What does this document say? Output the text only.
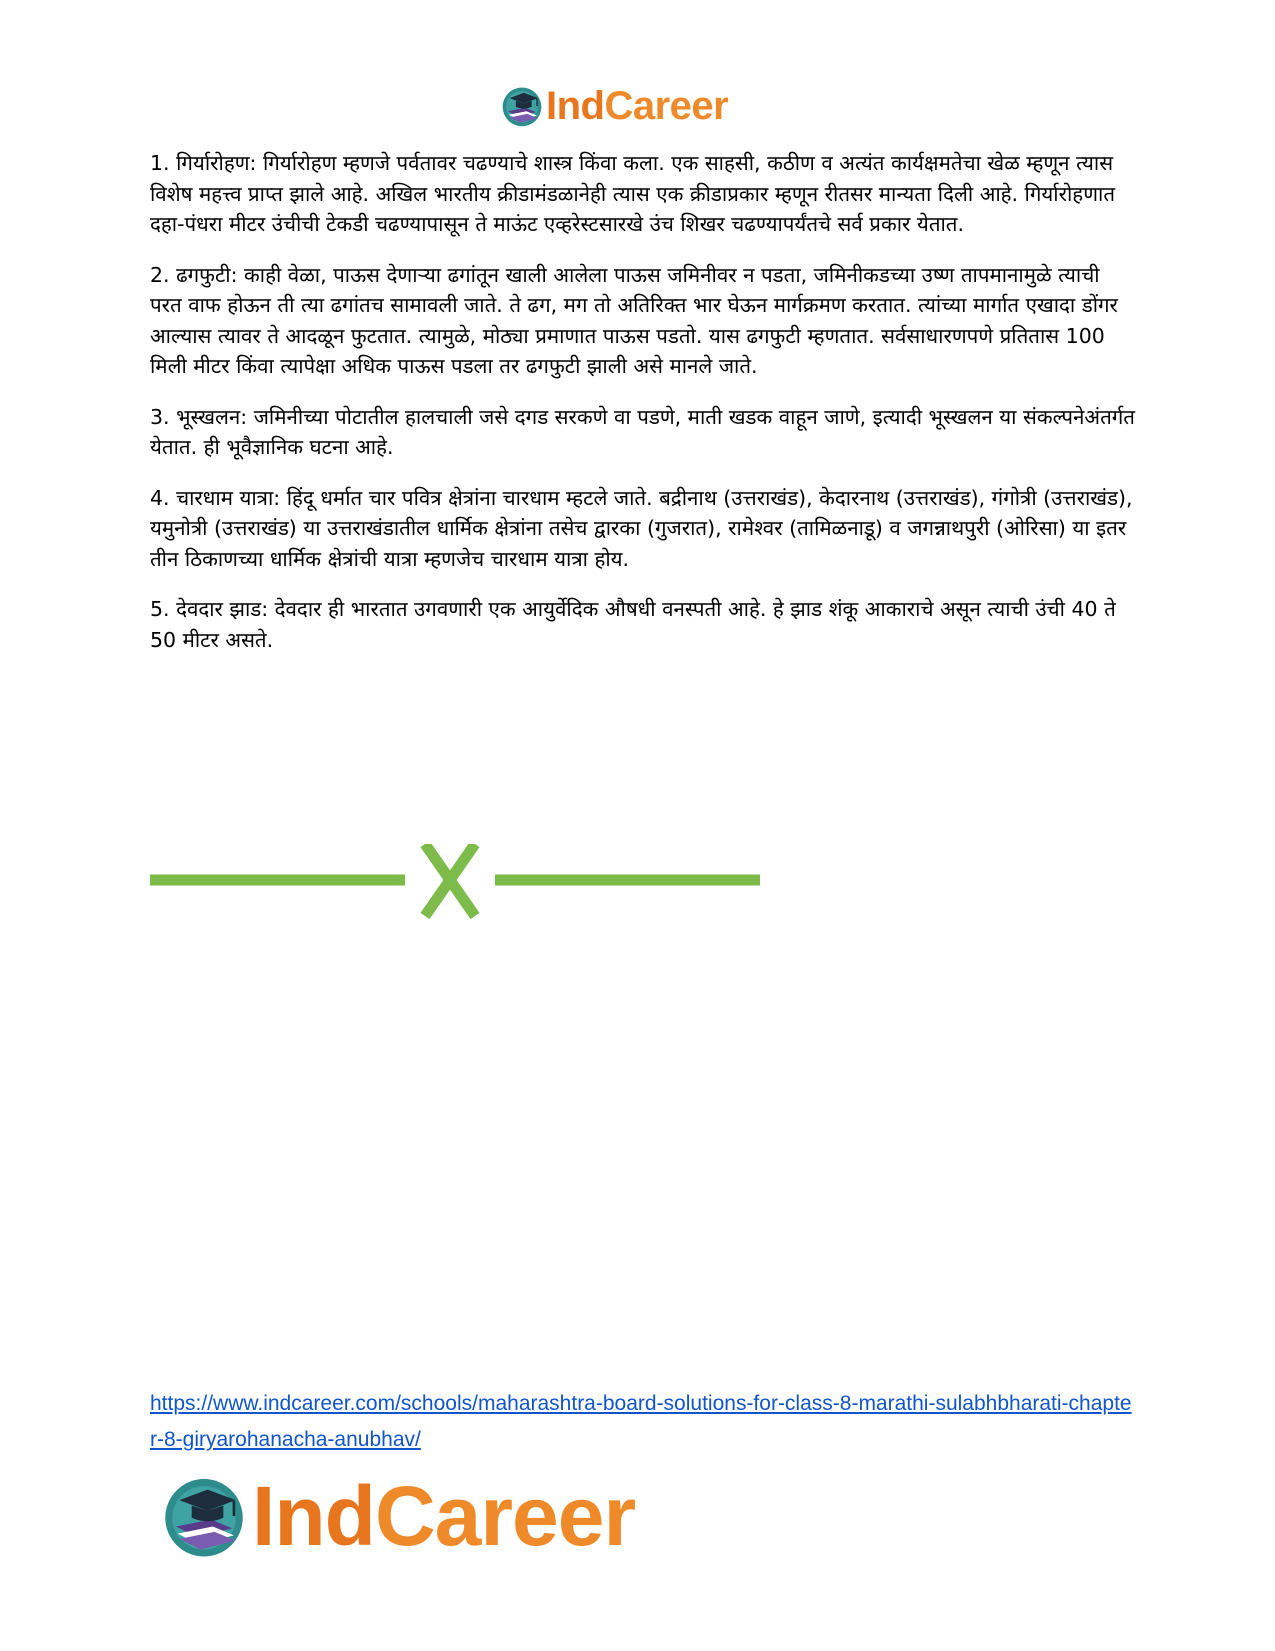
IndCareer

1. गिर्यारोहण: गिर्यारोहण म्हणजे पर्वतावर चढण्याचे शास्त्र किंवा कला. एक साहसी, कठीण व अत्यंत कार्यक्षमतेचा खेळ म्हणून त्यास विशेष महत्त्व प्राप्त झाले आहे. अखिल भारतीय क्रीडामंडळानेही त्यास एक क्रीडाप्रकार म्हणून रीतसर मान्यता दिली आहे. गिर्यारोहणात दहा-पंधरा मीटर उंचीची टेकडी चढण्यापासून ते माऊंट एव्हरेस्टसारखे उंच शिखर चढण्यापर्यंतचे सर्व प्रकार येतात.

2. ढगफुटी: काही वेळा, पाऊस देणाऱ्या ढगांतून खाली आलेला पाऊस जमिनीवर न पडता, जमिनीकडच्या उष्ण तापमानामुळे त्याची परत वाफ होऊन ती त्या ढगांतच सामावली जाते. ते ढग, मग तो अतिरिक्त भार घेऊन मार्गक्रमण करतात. त्यांच्या मार्गात एखादा डोंगर आल्यास त्यावर ते आदळून फुटतात. त्यामुळे, मोठ्या प्रमाणात पाऊस पडतो. यास ढगफुटी म्हणतात. सर्वसाधारणपणे प्रतितास 100 मिली मीटर किंवा त्यापेक्षा अधिक पाऊस पडला तर ढगफुटी झाली असे मानले जाते.

3. भूस्खलन: जमिनीच्या पोटातील हालचाली जसे दगड सरकणे वा पडणे, माती खडक वाहून जाणे, इत्यादी भूस्खलन या संकल्पनेअंतर्गत येतात. ही भूवैज्ञानिक घटना आहे.

4. चारधाम यात्रा: हिंदू धर्मात चार पवित्र क्षेत्रांना चारधाम म्हटले जाते. बद्रीनाथ (उत्तराखंड), केदारनाथ (उत्तराखंड), गंगोत्री (उत्तराखंड), यमुनोत्री (उत्तराखंड) या उत्तराखंडातील धार्मिक क्षेत्रांना तसेच द्वारका (गुजरात), रामेश्वर (तामिळनाडू) व जगन्नाथपुरी (ओरिसा) या इतर तीन ठिकाणच्या धार्मिक क्षेत्रांची यात्रा म्हणजेच चारधाम यात्रा होय.

5. देवदार झाड: देवदार ही भारतात उगवणारी एक आयुर्वेदिक औषधी वनस्पती आहे. हे झाड शंकू आकाराचे असून त्याची उंची 40 ते 50 मीटर असते.

https://www.indcareer.com/schools/maharashtra-board-solutions-for-class-8-marathi-sulabhbharati-chapter-8-giryarohanacha-anubhav/
IndCareer
